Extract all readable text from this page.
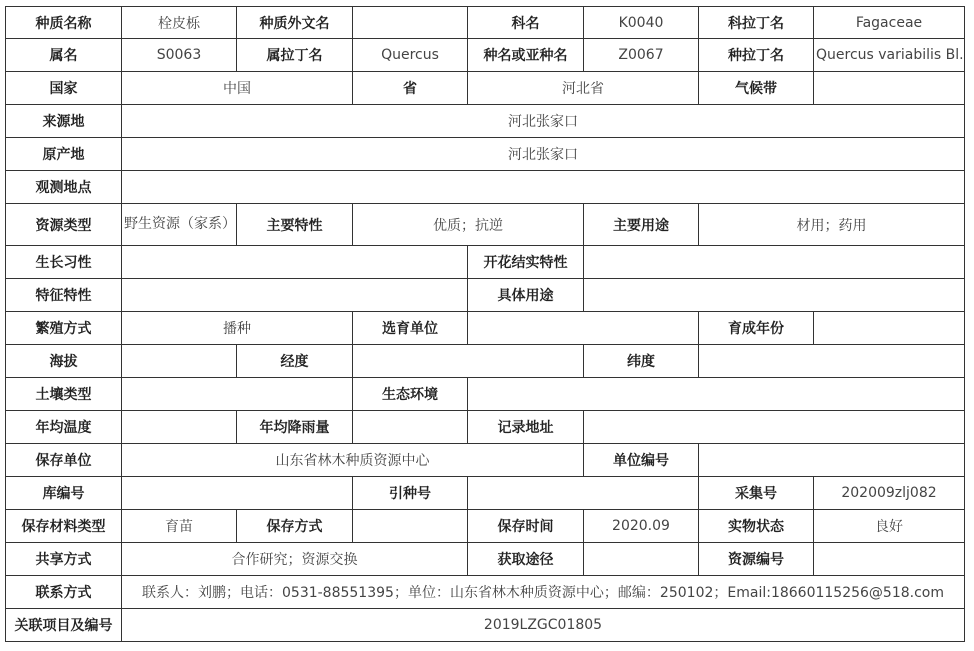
种质名称	栓皮栎	种质外文名		科名	K0040	科拉丁名	Fagaceae
属名	S0063	属拉丁名	Quercus	种名或亚种名	Z0067	种拉丁名	Quercus variabilis Bl.
国家	中国		省	河北省		气候带	
来源地	河北张家口						
原产地	河北张家口						
观测地点							
资源类型	野生资源（家系）	主要特性	优质；抗逆		主要用途	材用；药用	
生长习性				开花结实特性			
特征特性				具体用途			
繁殖方式	播种		选育单位			育成年份	
海拔		经度			纬度		
土壤类型			生态环境				
年均温度		年均降雨量		记录地址			
保存单位	山东省林木种质资源中心				单位编号		
库编号			引种号			采集号	202009zlj082
保存材料类型	育苗	保存方式		保存时间	2020.09	实物状态	良好
共享方式	合作研究；资源交换			获取途径		资源编号	
联系方式	联系人：刘鹏；电话：0531-88551395；单位：山东省林木种质资源中心；邮编：250102；Email:18660115256@518.com						
关联项目及编号	2019LZGC01805						
